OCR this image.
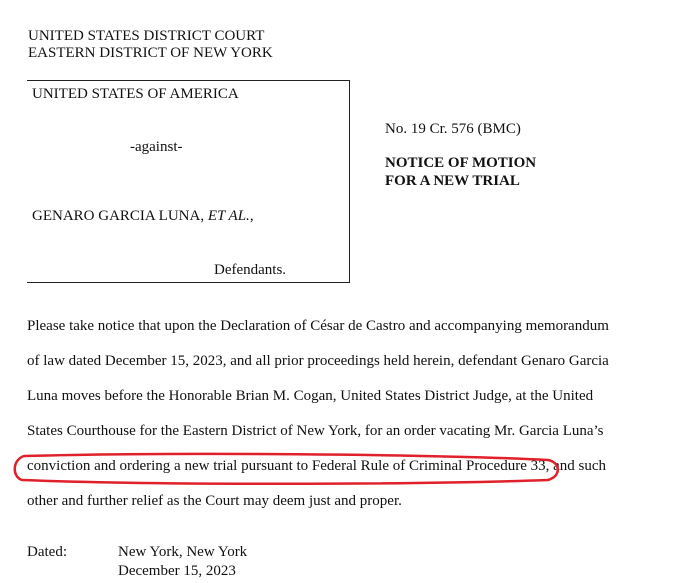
UNITED STATES DISTRICT COURT
EASTERN DISTRICT OF NEW YORK
UNITED STATES OF AMERICA
-against-
GENARO GARCIA LUNA, ET AL.,
Defendants.
No. 19 Cr. 576 (BMC)
NOTICE OF MOTION
FOR A NEW TRIAL
Please take notice that upon the Declaration of César de Castro and accompanying memorandum
of law dated December 15, 2023, and all prior proceedings held herein, defendant Genaro Garcia
Luna moves before the Honorable Brian M. Cogan, United States District Judge, at the United
States Courthouse for the Eastern District of New York, for an order vacating Mr. Garcia Luna’s
conviction and ordering a new trial pursuant to Federal Rule of Criminal Procedure 33, and such
other and further relief as the Court may deem just and proper.
Dated:	New York, New York
December 15, 2023
